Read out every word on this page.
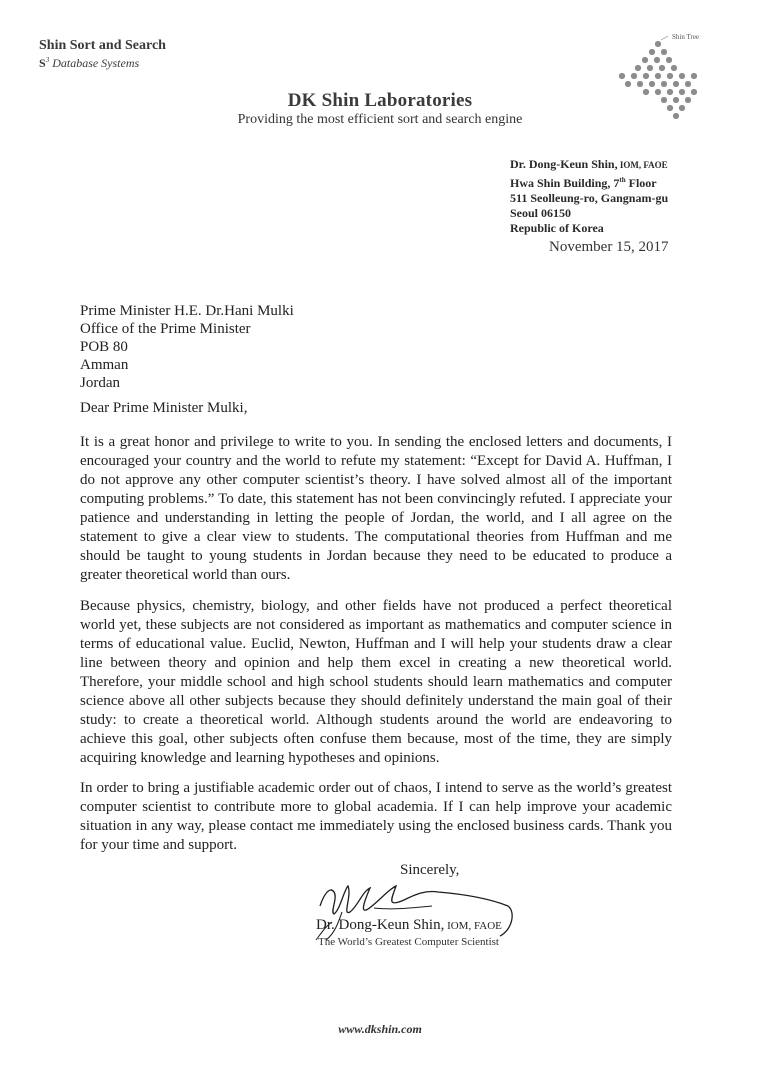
Shin Sort and Search
$S^3$ Database Systems
Shin Tree
DK Shin Laboratories
Providing the most efficient sort and search engine
Dr. Dong-Keun Shin, IOM, FAOE
Hwa Shin Building, 7th Floor
511 Seolleung-ro, Gangnam-gu
Seoul 06150
Republic of Korea
November 15, 2017
Prime Minister H.E. Dr.Hani Mulki
Office of the Prime Minister
POB 80
Amman
Jordan
Dear Prime Minister Mulki,

It is a great honor and privilege to write to you. In sending the enclosed letters and documents, I encouraged your country and the world to refute my statement: “Except for David A. Huffman, I do not approve any other computer scientist’s theory. I have solved almost all of the important computing problems.” To date, this statement has not been convincingly refuted. I appreciate your patience and understanding in letting the people of Jordan, the world, and I all agree on the statement to give a clear view to students. The computational theories from Huffman and me should be taught to young students in Jordan because they need to be educated to produce a greater theoretical world than ours.

Because physics, chemistry, biology, and other fields have not produced a perfect theoretical world yet, these subjects are not considered as important as mathematics and computer science in terms of educational value. Euclid, Newton, Huffman and I will help your students draw a clear line between theory and opinion and help them excel in creating a new theoretical world. Therefore, your middle school and high school students should learn mathematics and computer science above all other subjects because they should definitely understand the main goal of their study: to create a theoretical world. Although students around the world are endeavoring to achieve this goal, other subjects often confuse them because, most of the time, they are simply acquiring knowledge and learning hypotheses and opinions.

In order to bring a justifiable academic order out of chaos, I intend to serve as the world’s greatest computer scientist to contribute more to global academia. If I can help improve your academic situation in any way, please contact me immediately using the enclosed business cards. Thank you for your time and support.

Sincerely,
Dr. Dong-Keun Shin, IOM, FAOE
The World’s Greatest Computer Scientist
www.dkshin.com
